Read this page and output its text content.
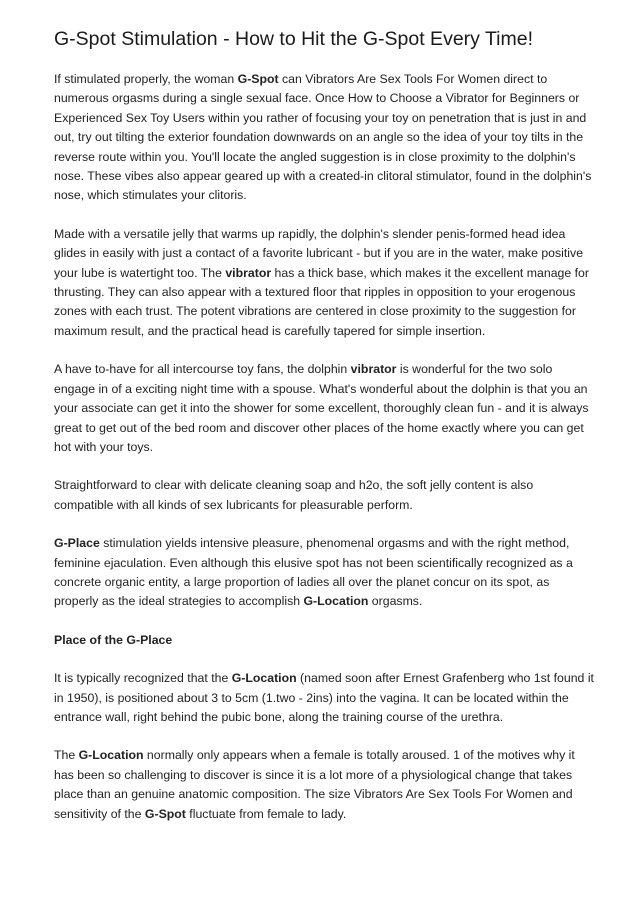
G-Spot Stimulation - How to Hit the G-Spot Every Time!

If stimulated properly, the woman G-Spot can Vibrators Are Sex Tools For Women direct to numerous orgasms during a single sexual face. Once How to Choose a Vibrator for Beginners or Experienced Sex Toy Users within you rather of focusing your toy on penetration that is just in and out, try out tilting the exterior foundation downwards on an angle so the idea of your toy tilts in the reverse route within you. You'll locate the angled suggestion is in close proximity to the dolphin's nose. These vibes also appear geared up with a created-in clitoral stimulator, found in the dolphin's nose, which stimulates your clitoris.

Made with a versatile jelly that warms up rapidly, the dolphin's slender penis-formed head idea glides in easily with just a contact of a favorite lubricant - but if you are in the water, make positive your lube is watertight too. The vibrator has a thick base, which makes it the excellent manage for thrusting. They can also appear with a textured floor that ripples in opposition to your erogenous zones with each trust. The potent vibrations are centered in close proximity to the suggestion for maximum result, and the practical head is carefully tapered for simple insertion.

A have to-have for all intercourse toy fans, the dolphin vibrator is wonderful for the two solo engage in of a exciting night time with a spouse. What's wonderful about the dolphin is that you an your associate can get it into the shower for some excellent, thoroughly clean fun - and it is always great to get out of the bed room and discover other places of the home exactly where you can get hot with your toys.

Straightforward to clear with delicate cleaning soap and h2o, the soft jelly content is also compatible with all kinds of sex lubricants for pleasurable perform.

G-Place stimulation yields intensive pleasure, phenomenal orgasms and with the right method, feminine ejaculation. Even although this elusive spot has not been scientifically recognized as a concrete organic entity, a large proportion of ladies all over the planet concur on its spot, as properly as the ideal strategies to accomplish G-Location orgasms.

Place of the G-Place

It is typically recognized that the G-Location (named soon after Ernest Grafenberg who 1st found it in 1950), is positioned about 3 to 5cm (1.two - 2ins) into the vagina. It can be located within the entrance wall, right behind the pubic bone, along the training course of the urethra.

The G-Location normally only appears when a female is totally aroused. 1 of the motives why it has been so challenging to discover is since it is a lot more of a physiological change that takes place than an genuine anatomic composition. The size Vibrators Are Sex Tools For Women and sensitivity of the G-Spot fluctuate from female to lady.
